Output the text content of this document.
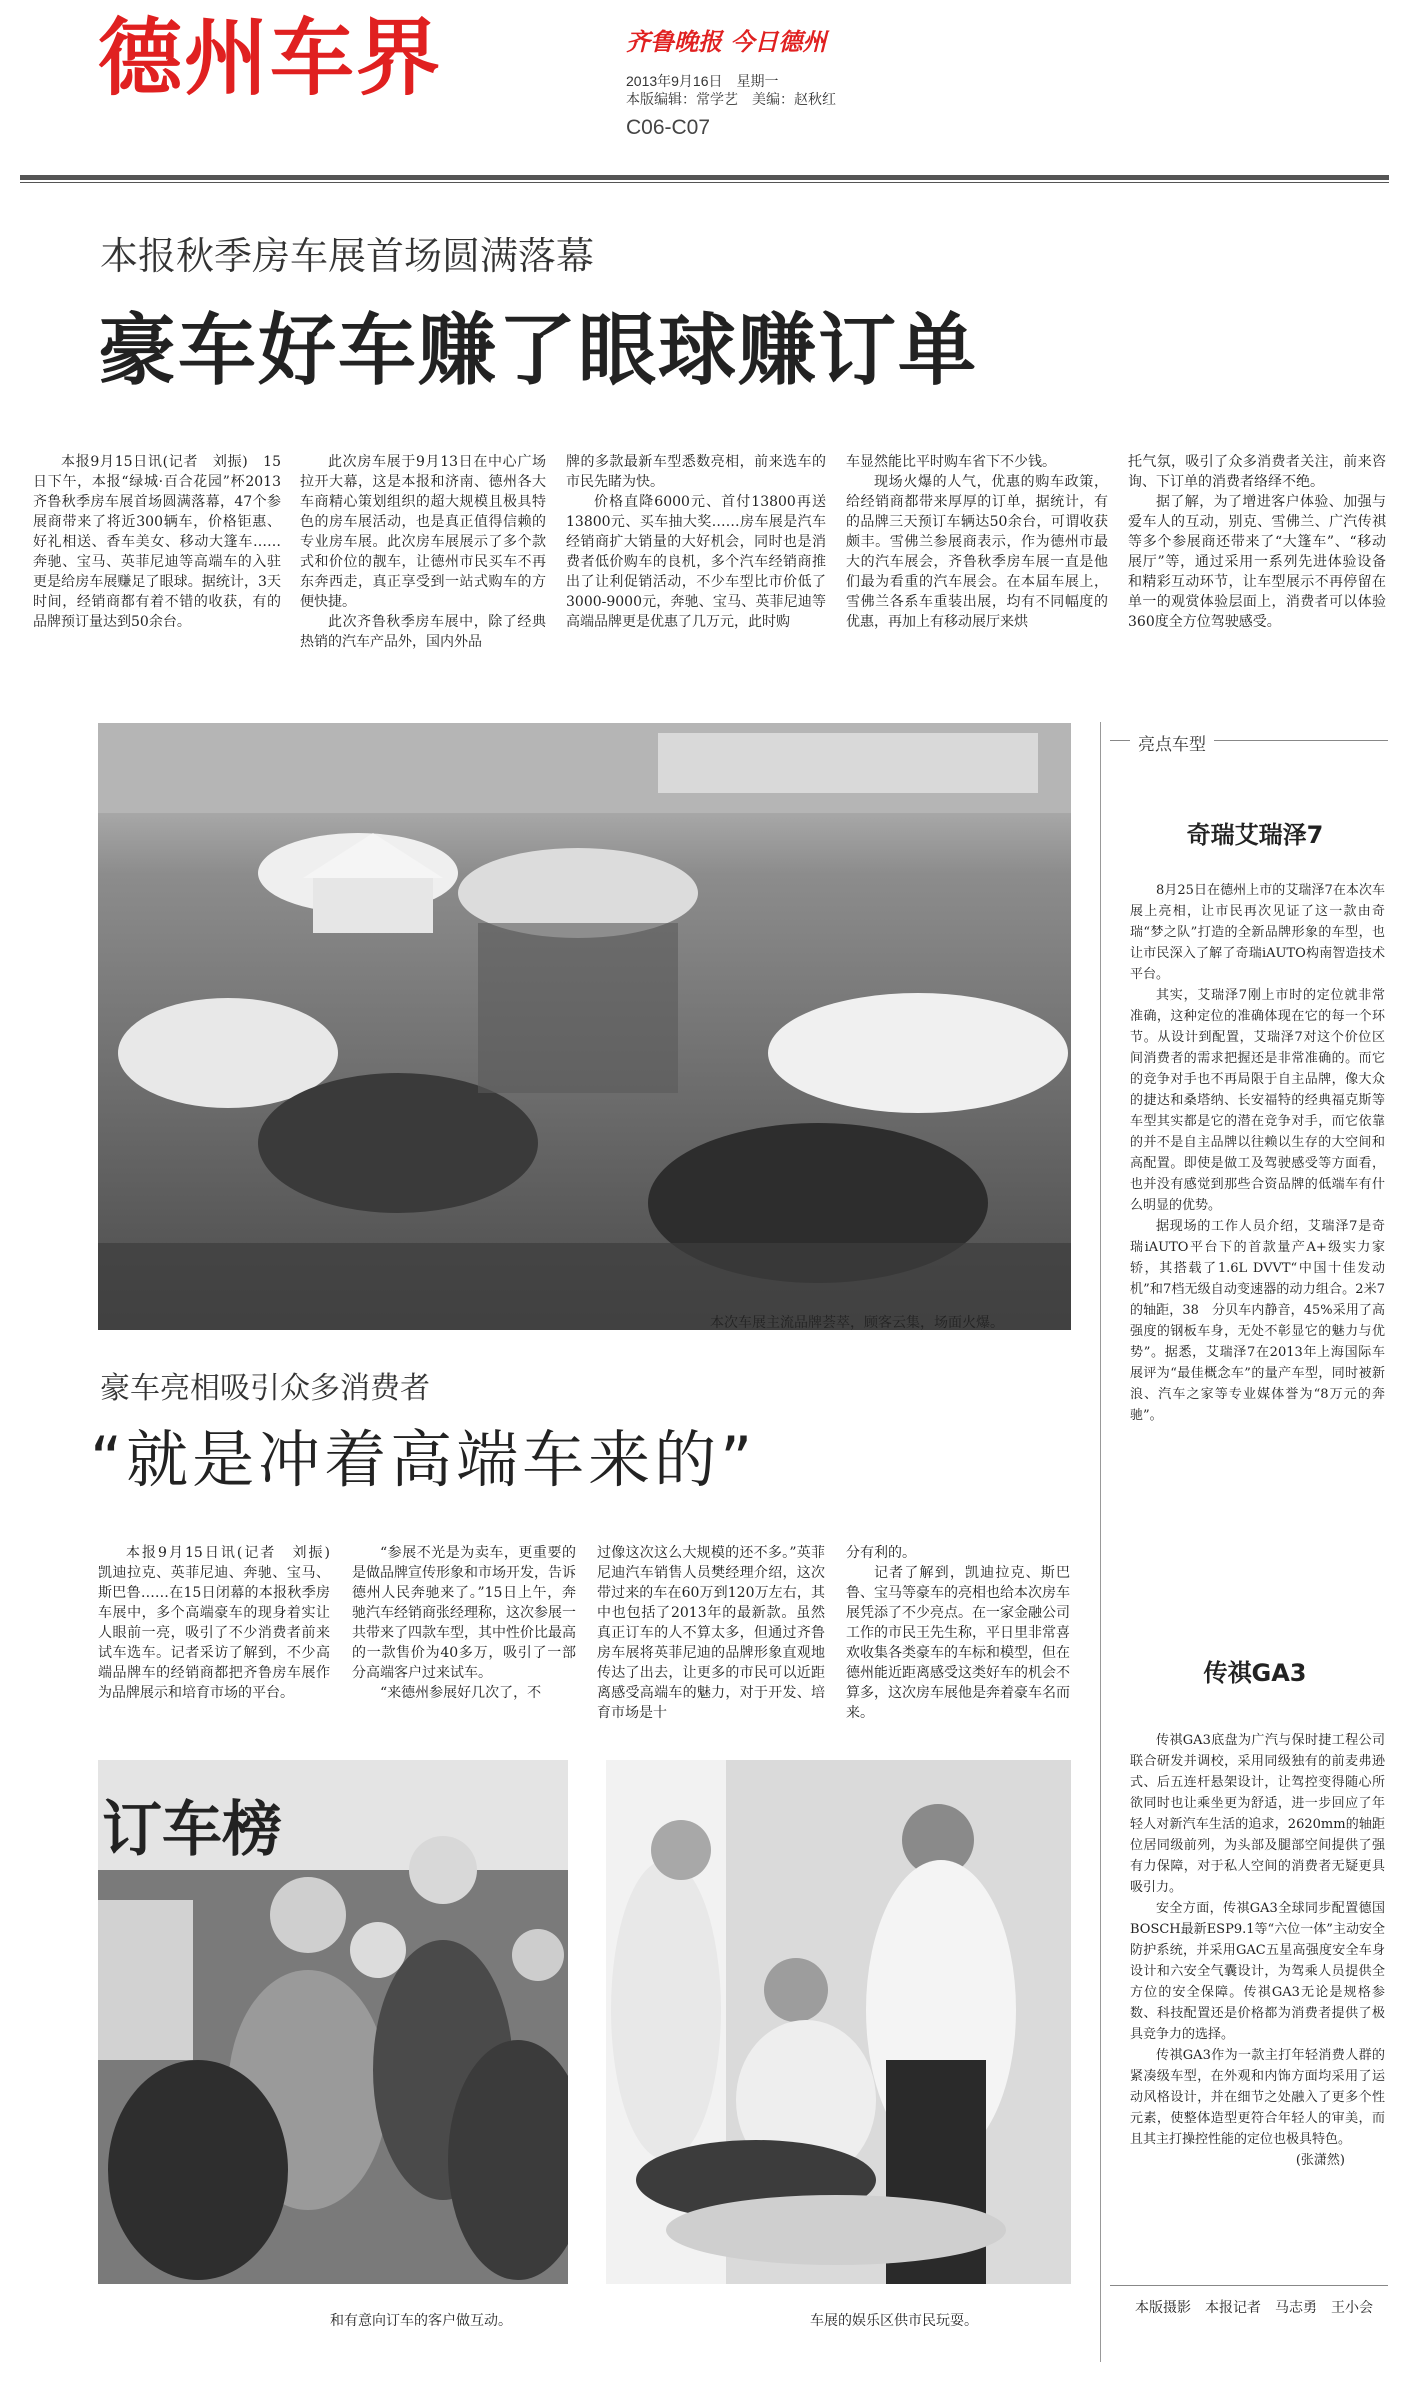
德州车界	齐鲁晚报 今日德州
2013年9月16日　星期一
本版编辑：常学艺　美编：赵秋红
C06-C07
本报秋季房车展首场圆满落幕
豪车好车赚了眼球赚订单

本报9月15日讯(记者　刘振)　15日下午，本报“绿城·百合花园”杯2013齐鲁秋季房车展首场圆满落幕，47个参展商带来了将近300辆车，价格钜惠、好礼相送、香车美女、移动大篷车……奔驰、宝马、英菲尼迪等高端车的入驻更是给房车展赚足了眼球。据统计，3天时间，经销商都有着不错的收获，有的品牌预订量达到50余台。

此次房车展于9月13日在中心广场拉开大幕，这是本报和济南、德州各大车商精心策划组织的超大规模且极具特色的房车展活动，也是真正值得信赖的专业房车展。此次房车展展示了多个款式和价位的靓车，让德州市民买车不再东奔西走，真正享受到一站式购车的方便快捷。

此次齐鲁秋季房车展中，除了经典热销的汽车产品外，国内外品

牌的多款最新车型悉数亮相，前来选车的市民先睹为快。

价格直降6000元、首付13800再送13800元、买车抽大奖……房车展是汽车经销商扩大销量的大好机会，同时也是消费者低价购车的良机，多个汽车经销商推出了让利促销活动，不少车型比市价低了3000-9000元，奔驰、宝马、英菲尼迪等高端品牌更是优惠了几万元，此时购

车显然能比平时购车省下不少钱。

现场火爆的人气，优惠的购车政策，给经销商都带来厚厚的订单，据统计，有的品牌三天预订车辆达50余台，可谓收获颇丰。雪佛兰参展商表示，作为德州市最大的汽车展会，齐鲁秋季房车展一直是他们最为看重的汽车展会。在本届车展上，雪佛兰各系车重装出展，均有不同幅度的优惠，再加上有移动展厅来烘

托气氛，吸引了众多消费者关注，前来咨询、下订单的消费者络绎不绝。

据了解，为了增进客户体验、加强与爱车人的互动，别克、雪佛兰、广汽传祺等多个参展商还带来了“大篷车”、“移动展厅”等，通过采用一系列先进体验设备和精彩互动环节，让车型展示不再停留在单一的观赏体验层面上，消费者可以体验360度全方位驾驶感受。

本次车展主流品牌荟萃，顾客云集，场面火爆。
豪车亮相吸引众多消费者
“就是冲着高端车来的”

本报9月15日讯(记者　刘振)　凯迪拉克、英菲尼迪、奔驰、宝马、斯巴鲁……在15日闭幕的本报秋季房车展中，多个高端豪车的现身着实让人眼前一亮，吸引了不少消费者前来试车选车。记者采访了解到，不少高端品牌车的经销商都把齐鲁房车展作为品牌展示和培育市场的平台。

“参展不光是为卖车，更重要的是做品牌宣传形象和市场开发，告诉德州人民奔驰来了。”15日上午，奔驰汽车经销商张经理称，这次参展一共带来了四款车型，其中性价比最高的一款售价为40多万，吸引了一部分高端客户过来试车。

“来德州参展好几次了，不

过像这次这么大规模的还不多。”英菲尼迪汽车销售人员樊经理介绍，这次带过来的车在60万到120万左右，其中也包括了2013年的最新款。虽然真正订车的人不算太多，但通过齐鲁房车展将英菲尼迪的品牌形象直观地传达了出去，让更多的市民可以近距离感受高端车的魅力，对于开发、培育市场是十

分有利的。

记者了解到，凯迪拉克、斯巴鲁、宝马等豪车的亮相也给本次房车展凭添了不少亮点。在一家金融公司工作的市民王先生称，平日里非常喜欢收集各类豪车的车标和模型，但在德州能近距离感受这类好车的机会不算多，这次房车展他是奔着豪车名而来。

订车榜
和有意向订车的客户做互动。	车展的娱乐区供市民玩耍。
亮点车型
奇瑞艾瑞泽7

8月25日在德州上市的艾瑞泽7在本次车展上亮相，让市民再次见证了这一款由奇瑞“梦之队”打造的全新品牌形象的车型，也让市民深入了解了奇瑞iAUTO构南智造技术平台。

其实，艾瑞泽7刚上市时的定位就非常准确，这种定位的准确体现在它的每一个环节。从设计到配置，艾瑞泽7对这个价位区间消费者的需求把握还是非常准确的。而它的竞争对手也不再局限于自主品牌，像大众的捷达和桑塔纳、长安福特的经典福克斯等车型其实都是它的潜在竞争对手，而它依靠的并不是自主品牌以往赖以生存的大空间和高配置。即使是做工及驾驶感受等方面看，也并没有感觉到那些合资品牌的低端车有什么明显的优势。

据现场的工作人员介绍，艾瑞泽7是奇瑞iAUTO平台下的首款量产A+级实力家轿，其搭载了1.6L DVVT“中国十佳发动机”和7档无级自动变速器的动力组合。2米7的轴距，38　分贝车内静音，45%采用了高强度的钢板车身，无处不彰显它的魅力与优势”。据悉，艾瑞泽7在2013年上海国际车展评为“最佳概念车”的量产车型，同时被新浪、汽车之家等专业媒体誉为“8万元的奔驰”。

传祺GA3

传祺GA3底盘为广汽与保时捷工程公司联合研发并调校，采用同级独有的前麦弗逊式、后五连杆悬架设计，让驾控变得随心所欲同时也让乘坐更为舒适，进一步回应了年轻人对新汽车生活的追求，2620mm的轴距位居同级前列，为头部及腿部空间提供了强有力保障，对于私人空间的消费者无疑更具吸引力。

安全方面，传祺GA3全球同步配置德国BOSCH最新ESP9.1等“六位一体”主动安全防护系统，并采用GAC五星高强度安全车身设计和六安全气囊设计，为驾乘人员提供全方位的安全保障。传祺GA3无论是规格参数、科技配置还是价格都为消费者提供了极具竞争力的选择。

传祺GA3作为一款主打年轻消费人群的紧凑级车型，在外观和内饰方面均采用了运动风格设计，并在细节之处融入了更多个性元素，使整体造型更符合年轻人的审美，而且其主打操控性能的定位也极具特色。

(张潇然)

本版摄影　本报记者　马志勇　王小会
